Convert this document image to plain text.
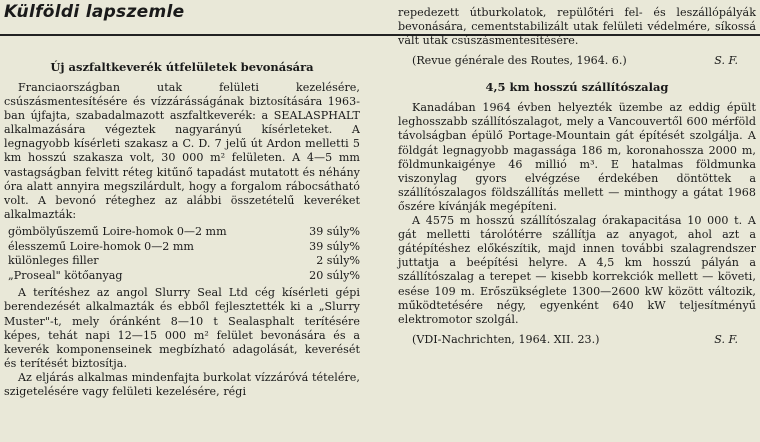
Külföldi lapszemle
Új aszfaltkeverék útfelületek bevonására

Franciaországban utak felületi kezelésére, csúszásmentesítésére és vízzárásságának biztosítására 1963-ban újfajta, szabadalmazott aszfaltkeverék: a SEALASPHALT alkalmazására végeztek nagyarányú kísérleteket. A legnagyobb kísérleti szakasz a C. D. 7 jelű út Ardon melletti 5 km hosszú szakasza volt, 30 000 m² felületen. A 4—5 mm vastagságban felvitt réteg kitűnő tapadást mutatott és néhány óra alatt annyira megszilárdult, hogy a forgalom rábocsátható volt. A bevonó réteghez az alábbi összetételű keveréket alkalmazták:

gömbölyűszemű Loire-homok 0—2 mm	39 súly%
élesszemű Loire-homok 0—2 mm	39 súly%
különleges filler	2 súly%
„Proseal" kötőanyag	20 súly%

A terítéshez az angol Slurry Seal Ltd cég kísérleti gépi berendezését alkalmazták és ebből fejlesztették ki a „Slurry Muster"-t, mely óránként 8—10 t Sealasphalt terítésére képes, tehát napi 12—15 000 m² felület bevonására és a keverék komponenseinek megbízható adagolását, keverését és terítését biztosítja.

Az eljárás alkalmas mindenfajta burkolat vízzáróvá tételére, szigetelésére vagy felületi kezelésére, régi

repedezett útburkolatok, repülőtéri fel- és leszállópályák bevonására, cementstabilizált utak felületi védelmére, síkossá vált utak csúszásmentesítésére.

(Revue générale des Routes, 1964. 6.)	S. F.
4,5 km hosszú szállítószalag

Kanadában 1964 évben helyezték üzembe az eddig épült leghosszabb szállítószalagot, mely a Vancouvertől 600 mérföld távolságban épülő Portage-Mountain gát építését szolgálja. A földgát legnagyobb magassága 186 m, koronahossza 2000 m, földmunkaigénye 46 millió m³. E hatalmas földmunka viszonylag gyors elvégzése érdekében döntöttek a szállítószalagos földszállítás mellett — minthogy a gátat 1968 őszére kívánják megépíteni.

A 4575 m hosszú szállítószalag órakapacitása 10 000 t. A gát melletti tárolótérre szállítja az anyagot, ahol azt a gátépítéshez előkészítik, majd innen további szalagrendszer juttatja a beépítési helyre. A 4,5 km hosszú pályán a szállítószalag a terepet — kisebb korrekciók mellett — követi, esése 109 m. Erőszükséglete 1300—2600 kW között változik, működtetésére négy, egyenként 640 kW teljesítményű elektromotor szolgál.

(VDI-Nachrichten, 1964. XII. 23.)	S. F.
